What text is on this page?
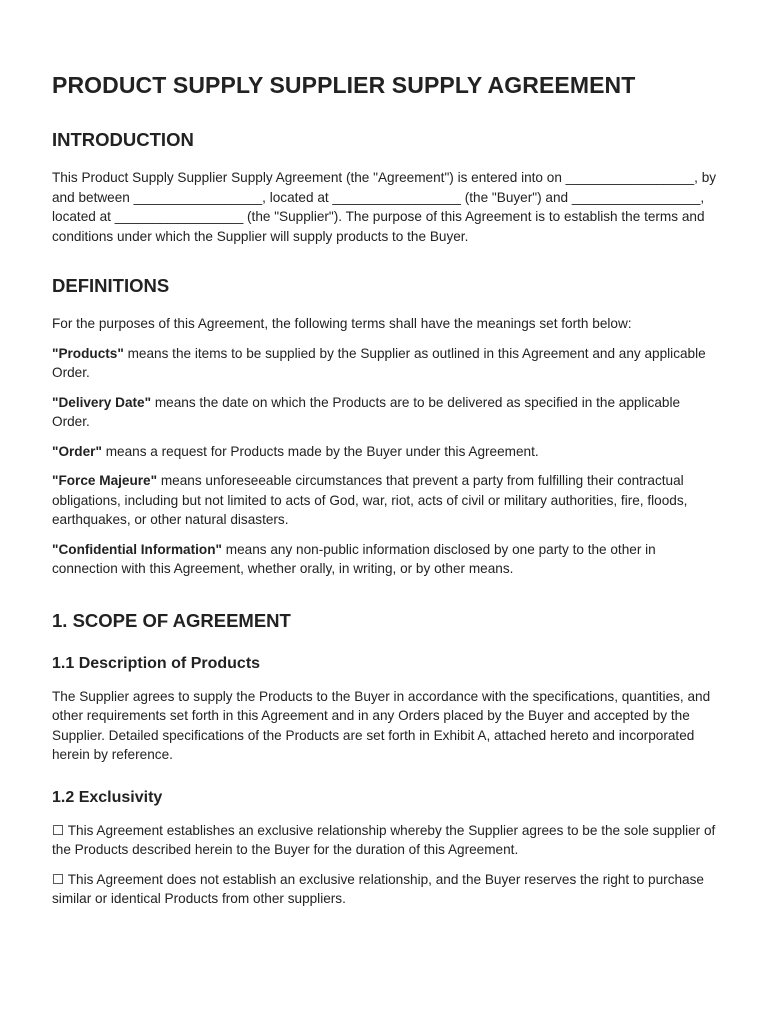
PRODUCT SUPPLY SUPPLIER SUPPLY AGREEMENT
INTRODUCTION

This Product Supply Supplier Supply Agreement (the "Agreement") is entered into on _________________, by and between _________________, located at _________________ (the "Buyer") and _________________, located at _________________ (the "Supplier"). The purpose of this Agreement is to establish the terms and conditions under which the Supplier will supply products to the Buyer.

DEFINITIONS

For the purposes of this Agreement, the following terms shall have the meanings set forth below:

"Products" means the items to be supplied by the Supplier as outlined in this Agreement and any applicable Order.

"Delivery Date" means the date on which the Products are to be delivered as specified in the applicable Order.

"Order" means a request for Products made by the Buyer under this Agreement.

"Force Majeure" means unforeseeable circumstances that prevent a party from fulfilling their contractual obligations, including but not limited to acts of God, war, riot, acts of civil or military authorities, fire, floods, earthquakes, or other natural disasters.

"Confidential Information" means any non-public information disclosed by one party to the other in connection with this Agreement, whether orally, in writing, or by other means.

1. SCOPE OF AGREEMENT
1.1 Description of Products

The Supplier agrees to supply the Products to the Buyer in accordance with the specifications, quantities, and other requirements set forth in this Agreement and in any Orders placed by the Buyer and accepted by the Supplier. Detailed specifications of the Products are set forth in Exhibit A, attached hereto and incorporated herein by reference.

1.2 Exclusivity

☐ This Agreement establishes an exclusive relationship whereby the Supplier agrees to be the sole supplier of the Products described herein to the Buyer for the duration of this Agreement.

☐ This Agreement does not establish an exclusive relationship, and the Buyer reserves the right to purchase similar or identical Products from other suppliers.
